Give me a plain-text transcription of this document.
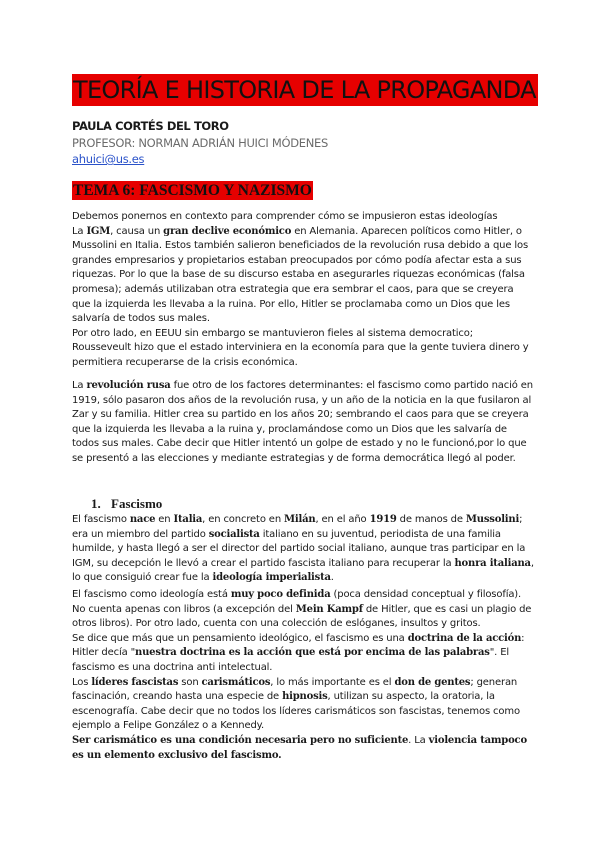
TEORÍA E HISTORIA DE LA PROPAGANDA
PAULA CORTÉS DEL TORO
PROFESOR: NORMAN ADRIÁN HUICI MÓDENES
ahuici@us.es
TEMA 6: FASCISMO Y NAZISMO

Debemos ponernos en contexto para comprender cómo se impusieron estas ideologías
La IGM, causa un gran declive económico en Alemania. Aparecen políticos como Hitler, o Mussolini en Italia. Estos también salieron beneficiados de la revolución rusa debido a que los grandes empresarios y propietarios estaban preocupados por cómo podía afectar esta a sus riquezas. Por lo que la base de su discurso estaba en asegurarles riquezas económicas (falsa promesa); además utilizaban otra estrategia que era sembrar el caos, para que se creyera que la izquierda les llevaba a la ruina. Por ello, Hitler se proclamaba como un Dios que les salvaría de todos sus males.
Por otro lado, en EEUU sin embargo se mantuvieron fieles al sistema democratico; Rousseveult hizo que el estado interviniera en la economía para que la gente tuviera dinero y permitiera recuperarse de la crisis económica.

La revolución rusa fue otro de los factores determinantes: el fascismo como partido nació en 1919, sólo pasaron dos años de la revolución rusa, y un año de la noticia en la que fusilaron al Zar y su familia. Hitler crea su partido en los años 20; sembrando el caos para que se creyera que la izquierda les llevaba a la ruina y, proclamándose como un Dios que les salvaría de todos sus males. Cabe decir que Hitler intentó un golpe de estado y no le funcionó,por lo que se presentó a las elecciones y mediante estrategias y de forma democrática llegó al poder.

1. Fascismo

El fascismo nace en Italia, en concreto en Milán, en el año 1919 de manos de Mussolini; era un miembro del partido socialista italiano en su juventud, periodista de una familia humilde, y hasta llegó a ser el director del partido social italiano, aunque tras participar en la IGM, su decepción le llevó a crear el partido fascista italiano para recuperar la honra italiana, lo que consiguió crear fue la ideología imperialista.

El fascismo como ideología está muy poco definida (poca densidad conceptual y filosofía). No cuenta apenas con libros (a excepción del Mein Kampf de Hitler, que es casi un plagio de otros libros). Por otro lado, cuenta con una colección de eslóganes, insultos y gritos.
Se dice que más que un pensamiento ideológico, el fascismo es una doctrina de la acción: Hitler decía "nuestra doctrina es la acción que está por encima de las palabras". El fascismo es una doctrina anti intelectual.
Los líderes fascistas son carismáticos, lo más importante es el don de gentes; generan fascinación, creando hasta una especie de hipnosis, utilizan su aspecto, la oratoria, la escenografía. Cabe decir que no todos los líderes carismáticos son fascistas, tenemos como ejemplo a Felipe González o a Kennedy.
Ser carismático es una condición necesaria pero no suficiente. La violencia tampoco es un elemento exclusivo del fascismo.
